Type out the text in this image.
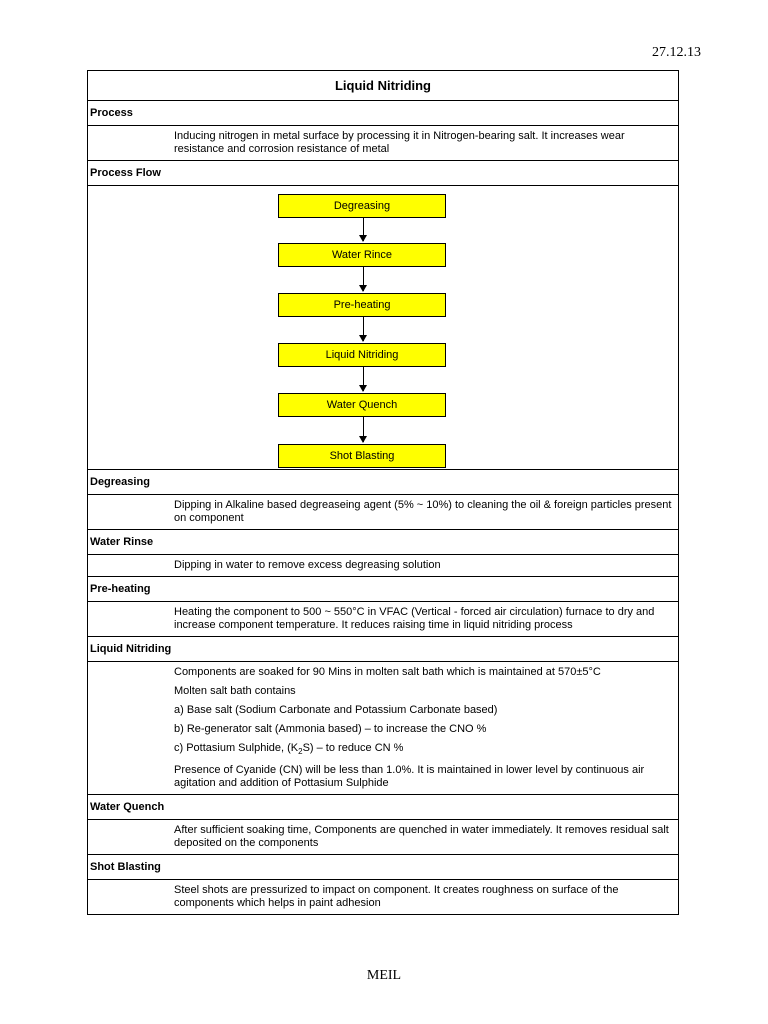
27.12.13
Liquid Nitriding
Process

Inducing nitrogen in metal surface by processing it in Nitrogen-bearing salt. It increases wear resistance and corrosion resistance of metal

Process Flow
Degreasing
Water Rince
Pre-heating
Liquid Nitriding
Water Quench
Shot Blasting
Degreasing

Dipping in Alkaline based degreaseing agent (5% ~ 10%) to cleaning the oil & foreign particles present on component

Water Rinse

Dipping in water to remove excess degreasing solution

Pre-heating

Heating the component to 500 ~ 550°C in VFAC (Vertical - forced air circulation) furnace to dry and increase component temperature. It reduces raising time in liquid nitriding process

Liquid Nitriding

Components are soaked for 90 Mins in molten salt bath which is maintained at 570±5°C

Molten salt bath contains

a) Base salt (Sodium Carbonate and Potassium Carbonate based)

b) Re-generator salt (Ammonia based) – to increase the CNO %

c) Pottasium Sulphide, $(K_2S)$ – to reduce CN %

Presence of Cyanide (CN) will be less than 1.0%. It is maintained in lower level by continuous air agitation and addition of Pottasium Sulphide

Water Quench

After sufficient soaking time, Components are quenched in water immediately. It removes residual salt deposited on the components

Shot Blasting

Steel shots are pressurized to impact on component. It creates roughness on surface of the components which helps in paint adhesion

MEIL
